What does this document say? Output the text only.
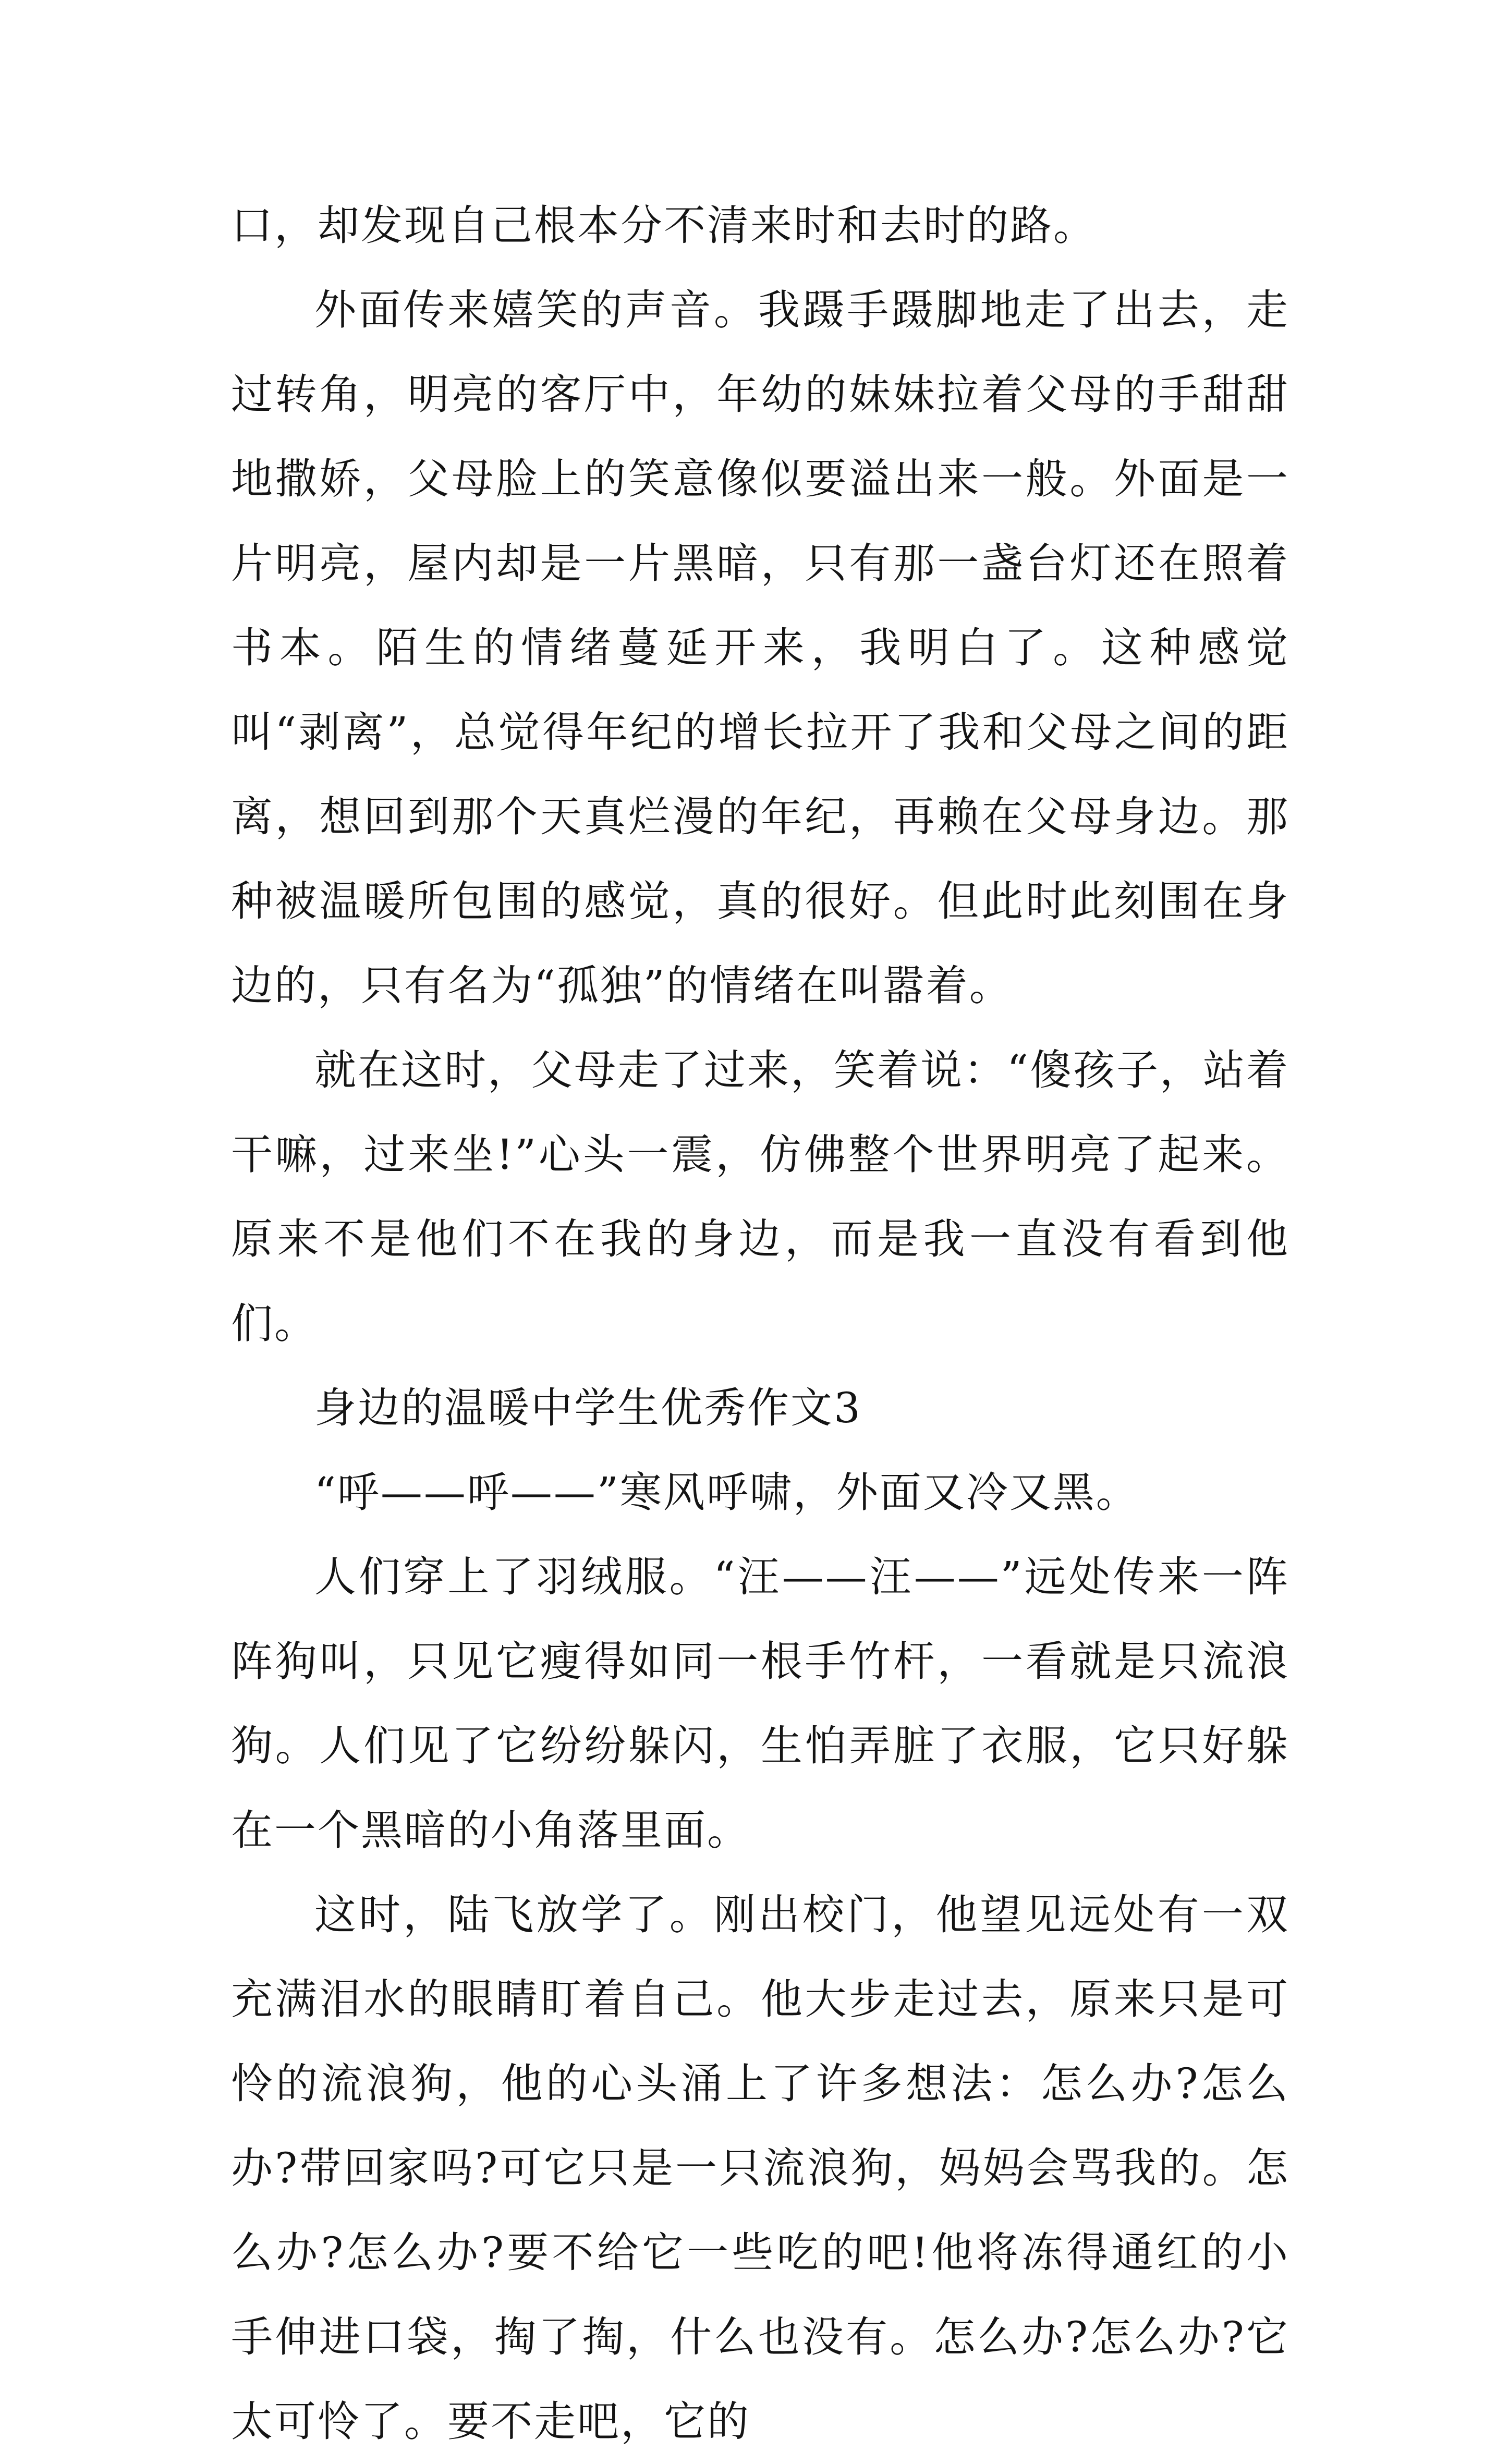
口，却发现自己根本分不清来时和去时的路。

外面传来嬉笑的声音。我蹑手蹑脚地走了出去，走过转角，明亮的客厅中，年幼的妹妹拉着父母的手甜甜地撒娇，父母脸上的笑意像似要溢出来一般。外面是一片明亮，屋内却是一片黑暗，只有那一盏台灯还在照着书本。陌生的情绪蔓延开来，我明白了。这种感觉叫“剥离”，总觉得年纪的增长拉开了我和父母之间的距离，想回到那个天真烂漫的年纪，再赖在父母身边。那种被温暖所包围的感觉，真的很好。但此时此刻围在身边的，只有名为“孤独”的情绪在叫嚣着。

就在这时，父母走了过来，笑着说：“傻孩子，站着干嘛，过来坐!”心头一震，仿佛整个世界明亮了起来。原来不是他们不在我的身边，而是我一直没有看到他们。

身边的温暖中学生优秀作文3

“呼——呼——”寒风呼啸，外面又冷又黑。

人们穿上了羽绒服。“汪——汪——”远处传来一阵阵狗叫，只见它瘦得如同一根手竹杆，一看就是只流浪狗。人们见了它纷纷躲闪，生怕弄脏了衣服，它只好躲在一个黑暗的小角落里面。

这时，陆飞放学了。刚出校门，他望见远处有一双充满泪水的眼睛盯着自己。他大步走过去，原来只是可怜的流浪狗，他的心头涌上了许多想法：怎么办?怎么办?带回家吗?可它只是一只流浪狗，妈妈会骂我的。怎么办?怎么办?要不给它一些吃的吧!他将冻得通红的小手伸进口袋，掏了掏，什么也没有。怎么办?怎么办?它太可怜了。要不走吧，它的
